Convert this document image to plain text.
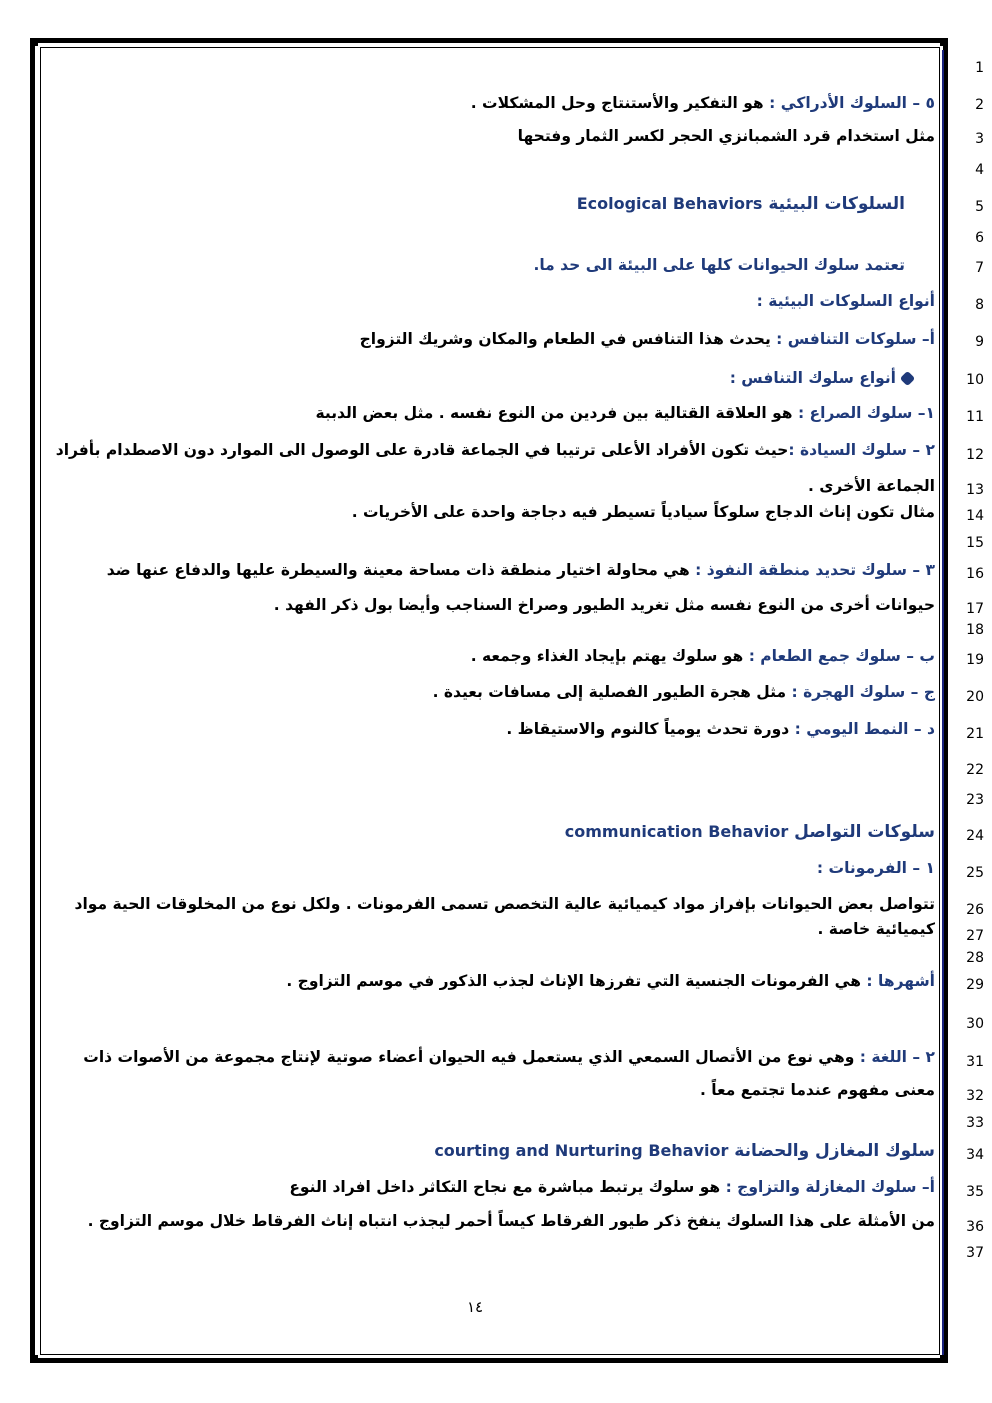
1
2
3
4
5
6
7
8
9
10
11
12
13
14
15
16
17
18
19
20
21
22
23
24
25
26
27
28
29
30
31
32
33
34
35
36
37
٥ – السلوك الأدراكي : هو التفكير والأستنتاج وحل المشكلات .
مثل استخدام قرد الشمبانزي الحجر لكسر الثمار وفتحها
السلوكات البيئية Ecological Behaviors
تعتمد سلوك الحيوانات كلها على البيئة الى حد ما.
أنواع السلوكات البيئية :
أ– سلوكات التنافس : يحدث هذا التنافس في الطعام والمكان وشريك التزواج
أنواع سلوك التنافس :
١– سلوك الصراع : هو العلاقة القتالية بين فردين من النوع نفسه . مثل بعض الدببة
٢ – سلوك السيادة :حيث تكون الأفراد الأعلى ترتيبا في الجماعة قادرة على الوصول الى الموارد دون الاصطدام بأفراد
الجماعة الأخرى .
مثال تكون إناث الدجاج سلوكاً سيادياً تسيطر فيه دجاجة واحدة على الأخريات .
٣ – سلوك تحديد منطقة النفوذ : هي محاولة اختيار منطقة ذات مساحة معينة والسيطرة عليها والدفاع عنها ضد
حيوانات أخرى من النوع نفسه مثل تغريد الطيور وصراخ السناجب وأيضا بول ذكر الفهد .
ب – سلوك جمع الطعام : هو سلوك يهتم بإيجاد الغذاء وجمعه .
ج – سلوك الهجرة : مثل هجرة الطيور الفصلية إلى مسافات بعيدة .
د – النمط اليومي : دورة تحدث يومياً كالنوم والاستيقاظ .
سلوكات التواصل communication Behavior
١ – الفرمونات :
تتواصل بعض الحيوانات بإفراز مواد كيميائية عالية التخصص تسمى الفرمونات . ولكل نوع من المخلوقات الحية مواد
كيميائية خاصة .
أشهرها : هي الفرمونات الجنسية التي تفرزها الإناث لجذب الذكور في موسم التزاوج .
٢ – اللغة : وهي نوع من الأتصال السمعي الذي يستعمل فيه الحيوان أعضاء صوتية لإنتاج مجموعة من الأصوات ذات
معنى مفهوم عندما تجتمع معاً .
سلوك المغازل والحضانة courting and Nurturing Behavior
أ– سلوك المغازلة والتزاوج : هو سلوك يرتبط مباشرة مع نجاح التكاثر داخل افراد النوع
من الأمثلة على هذا السلوك ينفخ ذكر طيور الفرقاط كيساً أحمر ليجذب انتباه إناث الفرقاط خلال موسم التزاوج .
١٤
